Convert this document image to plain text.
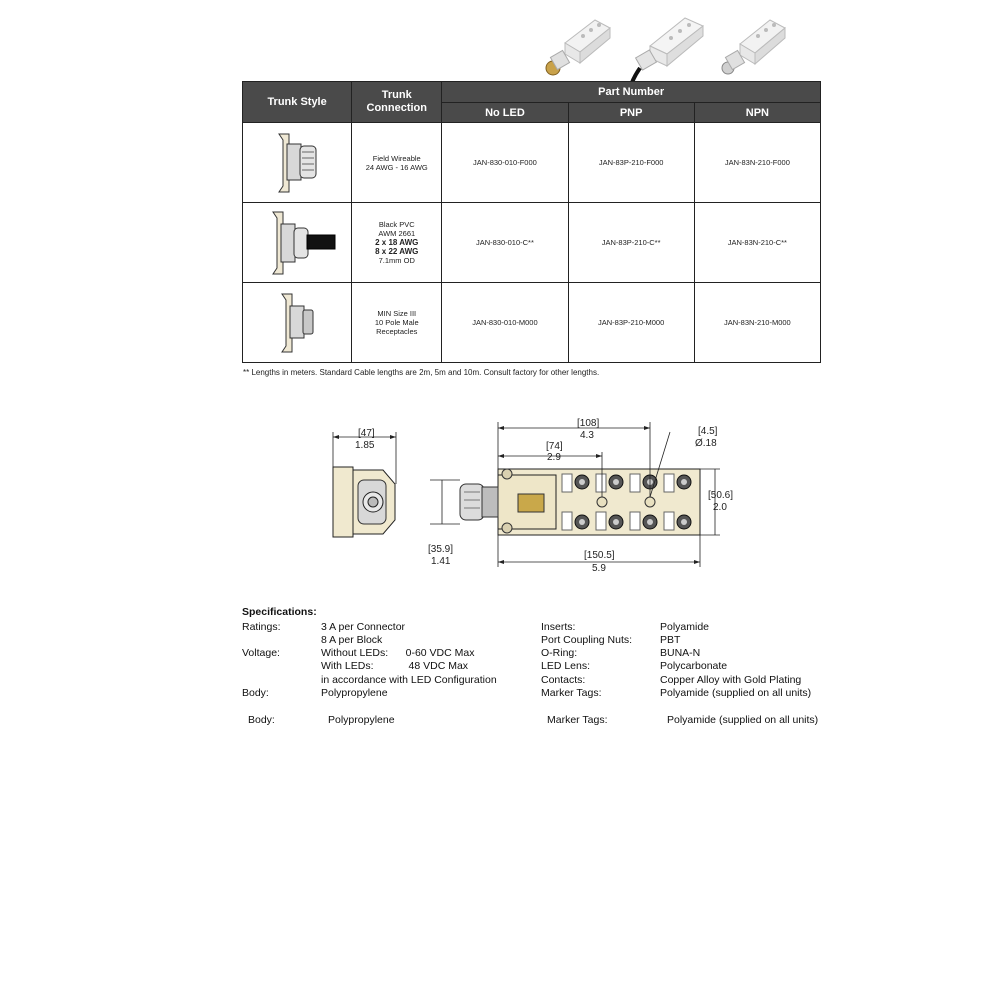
Trunk Style	Trunk Connection	Part Number		
		No LED	PNP	NPN

	Field Wireable
24 AWG - 16 AWG	JAN-830-010-F000	JAN-83P-210-F000	JAN-83N-210-F000

	Black PVC
AWM 2661
2 x 18 AWG
8 x 22 AWG
7.1mm OD	JAN-830-010-C**	JAN-83P-210-C**	JAN-83N-210-C**

	MIN Size III
10 Pole Male
Receptacles	JAN-830-010-M000	JAN-83P-210-M000	JAN-83N-210-M000
** Lengths in meters. Standard Cable lengths are 2m, 5m and 10m. Consult factory for other lengths.
[47]
1.85
[108]
4.3
[74]
2.9
[4.5]
Ø.18
[50.6]
2.0
[35.9]
1.41
[150.5]
5.9
Specifications:
Ratings:	3 A per Connector
8 A per Block
Voltage:	Without LEDs:      0-60 VDC Max
With LEDs:            48 VDC Max
in accordance with LED Configuration
Body:	Polypropylene
Inserts:	Polyamide
Port Coupling Nuts:	PBT
O-Ring:	BUNA-N
LED Lens:	Polycarbonate
Contacts:	Copper Alloy with Gold Plating
Marker Tags:	Polyamide (supplied on all units)
Body:	Polypropylene	Marker Tags:	Polyamide (supplied on all units)
